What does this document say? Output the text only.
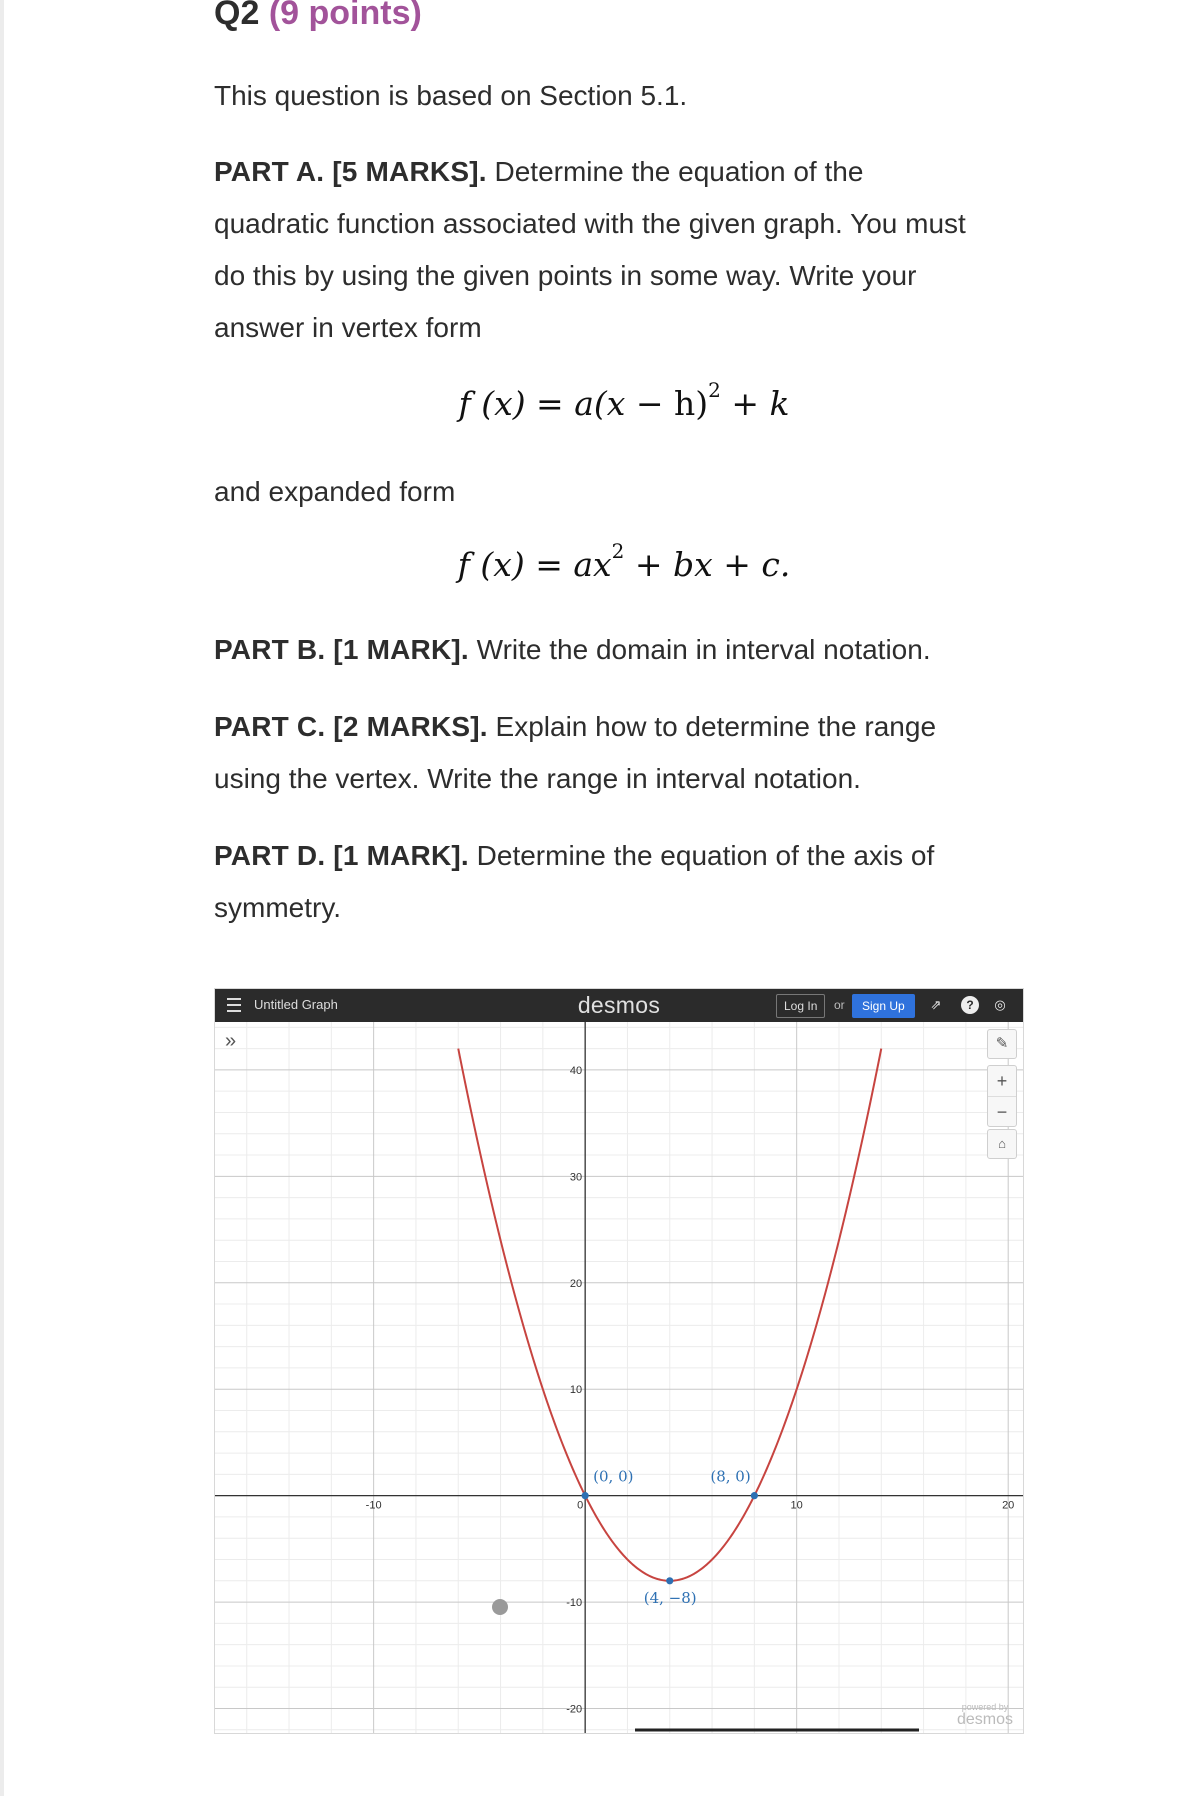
Q2 (9 points)
This question is based on Section 5.1.
PART A. [5 MARKS]. Determine the equation of the
quadratic function associated with the given graph. You must
do this by using the given points in some way. Write your
answer in vertex form
f $(x) = a(x - h)^2 + k$
and expanded form
f $(x) = ax^2$ + bx + c.
PART B. [1 MARK]. Write the domain in interval notation.
PART C. [2 MARKS]. Explain how to determine the range
using the vertex. Write the range in interval notation.
PART D. [1 MARK]. Determine the equation of the axis of
symmetry.
-10	0	10	20
40
30
20
10
-10
-20
(0, 0)	(8, 0)
(4, −8)
Untitled Graph	desmos	Log In	or	Sign Up	⇗	?	◎
»	✎
+
−
⌂
powered by
desmos
